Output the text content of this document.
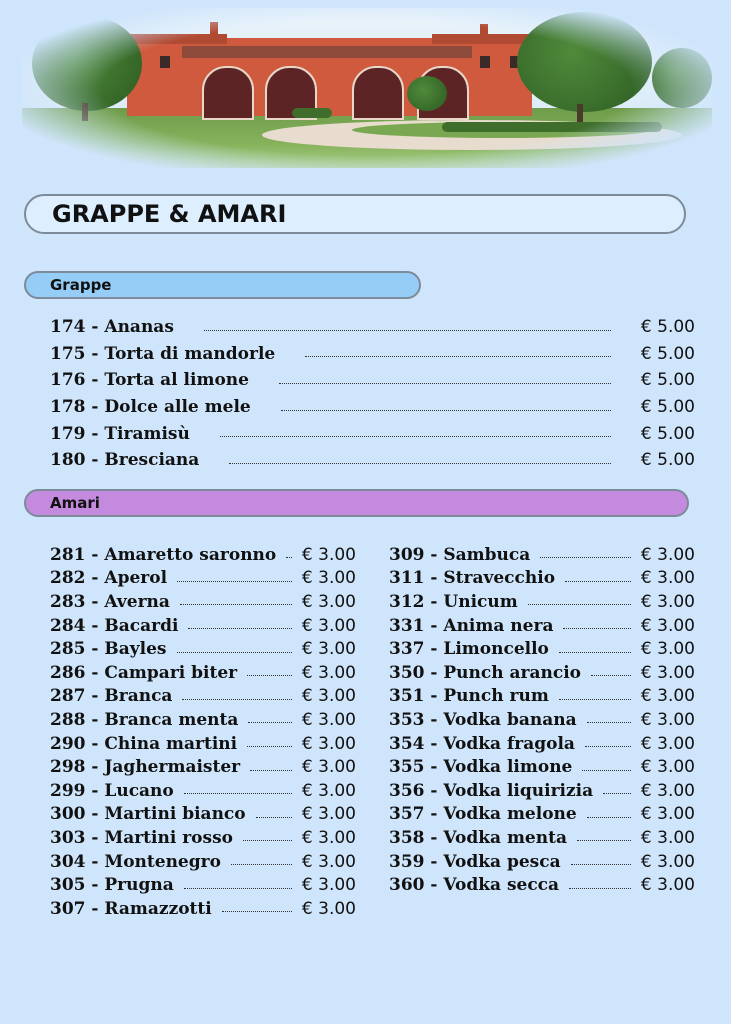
GRAPPE & AMARI
Grappe
174 - Ananas	€ 5.00
175 - Torta di mandorle	€ 5.00
176 - Torta al limone	€ 5.00
178 - Dolce alle mele	€ 5.00
179 - Tiramisù	€ 5.00
180 - Bresciana	€ 5.00
Amari
281 - Amaretto saronno € 3.00
282 - Aperol	€ 3.00
283 - Averna	€ 3.00
284 - Bacardi	€ 3.00
285 - Bayles	€ 3.00
286 - Campari biter	€ 3.00
287 - Branca	€ 3.00
288 - Branca menta	€ 3.00
290 - China martini	€ 3.00
298 - Jaghermaister	€ 3.00
299 - Lucano	€ 3.00
300 - Martini bianco	€ 3.00
303 - Martini rosso	€ 3.00
304 - Montenegro	€ 3.00
305 - Prugna	€ 3.00
307 - Ramazzotti	€ 3.00
309 - Sambuca	€ 3.00
311 - Stravecchio	€ 3.00
312 - Unicum	€ 3.00
331 - Anima nera	€ 3.00
337 - Limoncello	€ 3.00
350 - Punch arancio	€ 3.00
351 - Punch rum	€ 3.00
353 - Vodka banana	€ 3.00
354 - Vodka fragola	€ 3.00
355 - Vodka limone	€ 3.00
356 - Vodka liquirizia	€ 3.00
357 - Vodka melone	€ 3.00
358 - Vodka menta	€ 3.00
359 - Vodka pesca	€ 3.00
360 - Vodka secca	€ 3.00
